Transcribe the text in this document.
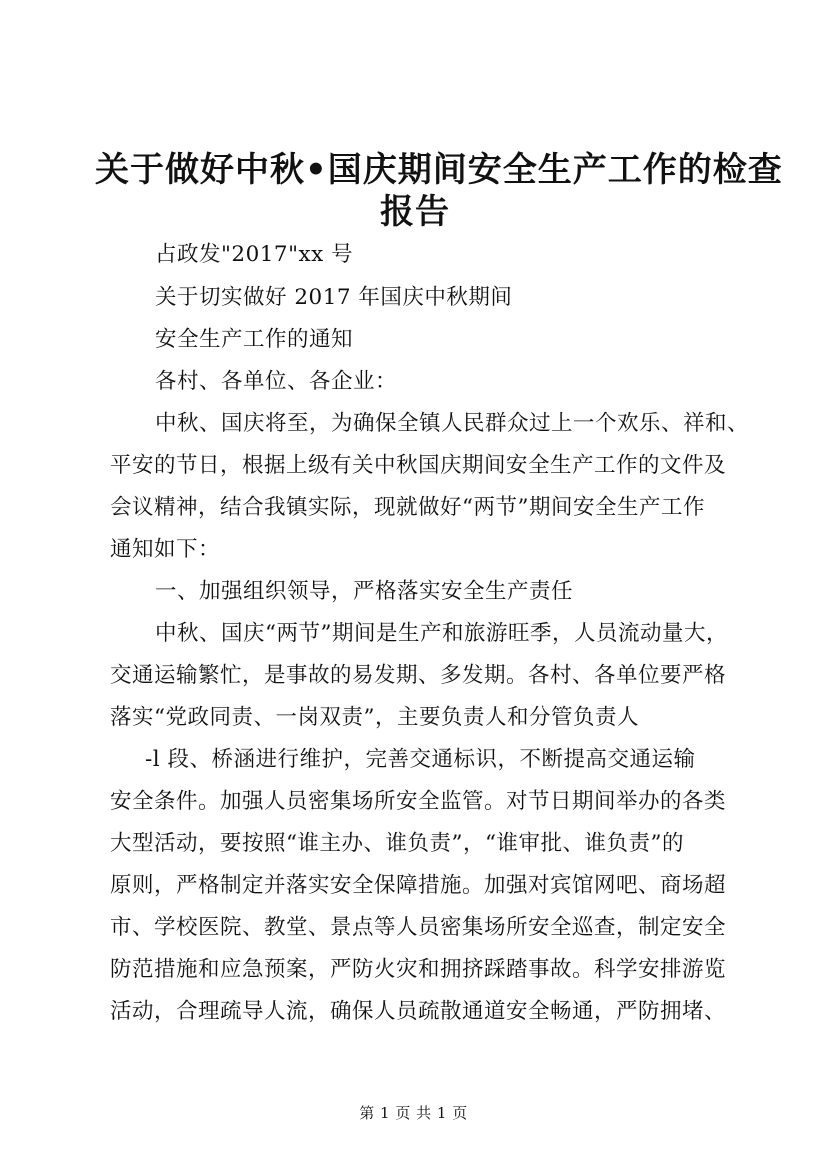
关于做好中秋•国庆期间安全生产工作的检查
报告
占政发"2017"xx 号
关于切实做好 2017 年国庆中秋期间
安全生产工作的通知
各村、各单位、各企业：
中秋、国庆将至，为确保全镇人民群众过上一个欢乐、祥和、
平安的节日，根据上级有关中秋国庆期间安全生产工作的文件及
会议精神，结合我镇实际，现就做好“两节”期间安全生产工作
通知如下：
一、加强组织领导，严格落实安全生产责任
中秋、国庆“两节”期间是生产和旅游旺季，人员流动量大，
交通运输繁忙，是事故的易发期、多发期。各村、各单位要严格
落实“党政同责、一岗双责”，主要负责人和分管负责人
-l 段、桥涵进行维护，完善交通标识，不断提高交通运输
安全条件。加强人员密集场所安全监管。对节日期间举办的各类
大型活动，要按照“谁主办、谁负责”，“谁审批、谁负责”的
原则，严格制定并落实安全保障措施。加强对宾馆网吧、商场超
市、学校医院、教堂、景点等人员密集场所安全巡查，制定安全
防范措施和应急预案，严防火灾和拥挤踩踏事故。科学安排游览
活动，合理疏导人流，确保人员疏散通道安全畅通，严防拥堵、
第 1 页 共 1 页
